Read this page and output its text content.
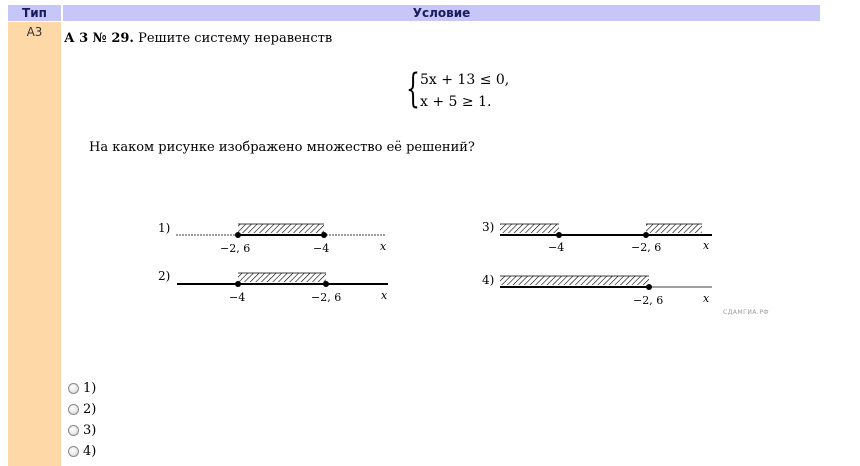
Тип	Условие
А3	А 3 № 29. Решите систему неравенств
{ 5x + 13 ≤ 0,
x + 5 ≥ 1.
На каком рисунке изображено множество её решений?
1)
−2, 6	−4	x
2)
−4	−2, 6	x
3)
−4	−2, 6	x
4)
−2, 6	x
СДАМГИА.РФ
1)
2)
3)
4)
